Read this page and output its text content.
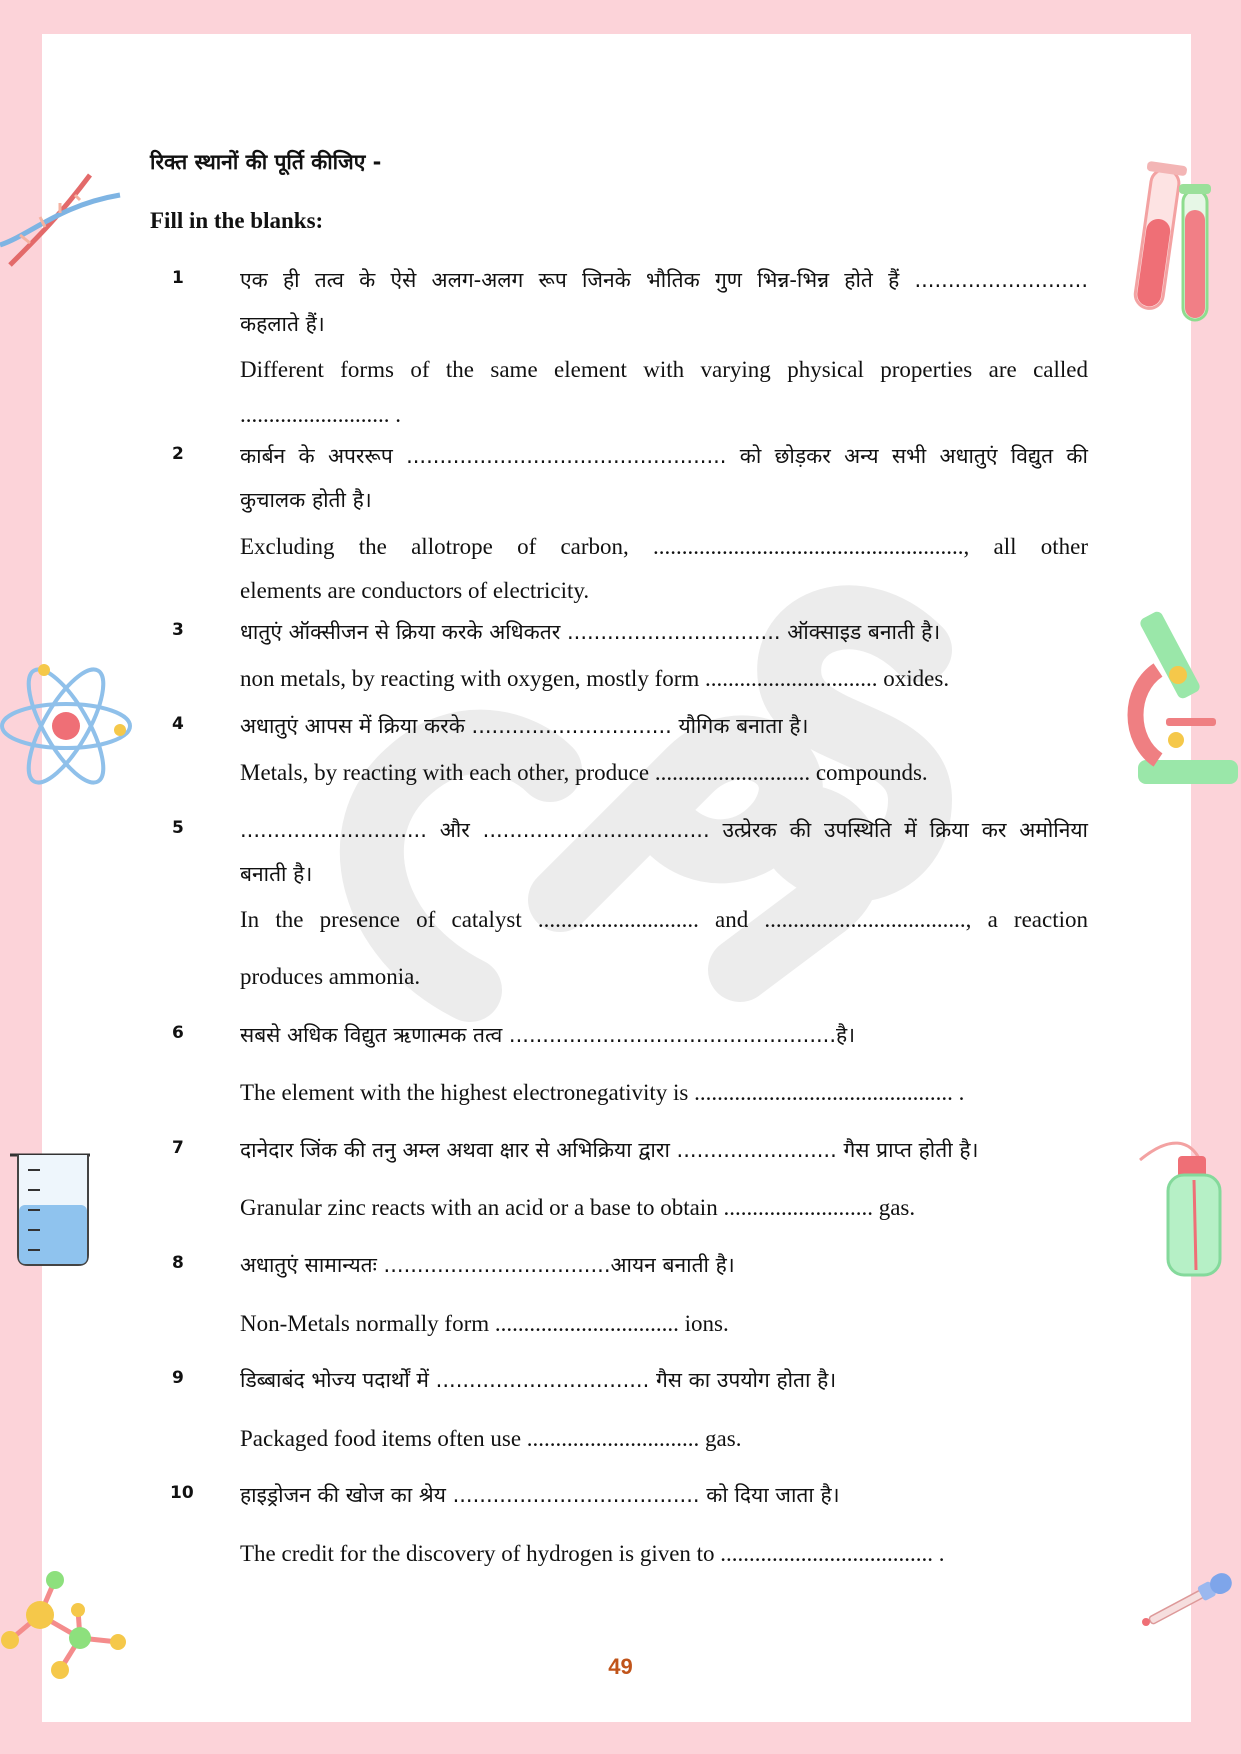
रिक्त स्थानों की पूर्ति कीजिए -
Fill in the blanks:
1	एक ही तत्व के ऐसे अलग-अलग रूप जिनके भौतिक गुण भिन्न-भिन्न होते हैं ..........................
कहलाते हैं।
Different forms of the same element with varying physical properties are called
.......................... .
2	कार्बन के अपररूप ................................................ को छोड़कर अन्य सभी अधातुएं विद्युत की
कुचालक होती है।
Excluding the allotrope of carbon, ......................................................, all other
elements are conductors of electricity.
3	धातुएं ऑक्सीजन से क्रिया करके अधिकतर ................................ ऑक्साइड बनाती है।
non metals, by reacting with oxygen, mostly form .............................. oxides.
4	अधातुएं आपस में क्रिया करके .............................. यौगिक बनाता है।
Metals, by reacting with each other, produce ........................... compounds.
5	............................ और .................................. उत्प्रेरक की उपस्थिति में क्रिया कर अमोनिया
बनाती है।
In the presence of catalyst ............................ and ..................................., a reaction
produces ammonia.
6	सबसे अधिक विद्युत ऋणात्मक तत्व .................................................है।
The element with the highest electronegativity is ............................................. .
7	दानेदार जिंक की तनु अम्ल अथवा क्षार से अभिक्रिया द्वारा ........................ गैस प्राप्त होती है।
Granular zinc reacts with an acid or a base to obtain .......................... gas.
8	अधातुएं सामान्यतः ..................................आयन बनाती है।
Non-Metals normally form ................................ ions.
9	डिब्बाबंद भोज्य पदार्थों में ................................ गैस का उपयोग होता है।
Packaged food items often use .............................. gas.
10 हाइड्रोजन की खोज का श्रेय ..................................... को दिया जाता है।
The credit for the discovery of hydrogen is given to ..................................... .
49
